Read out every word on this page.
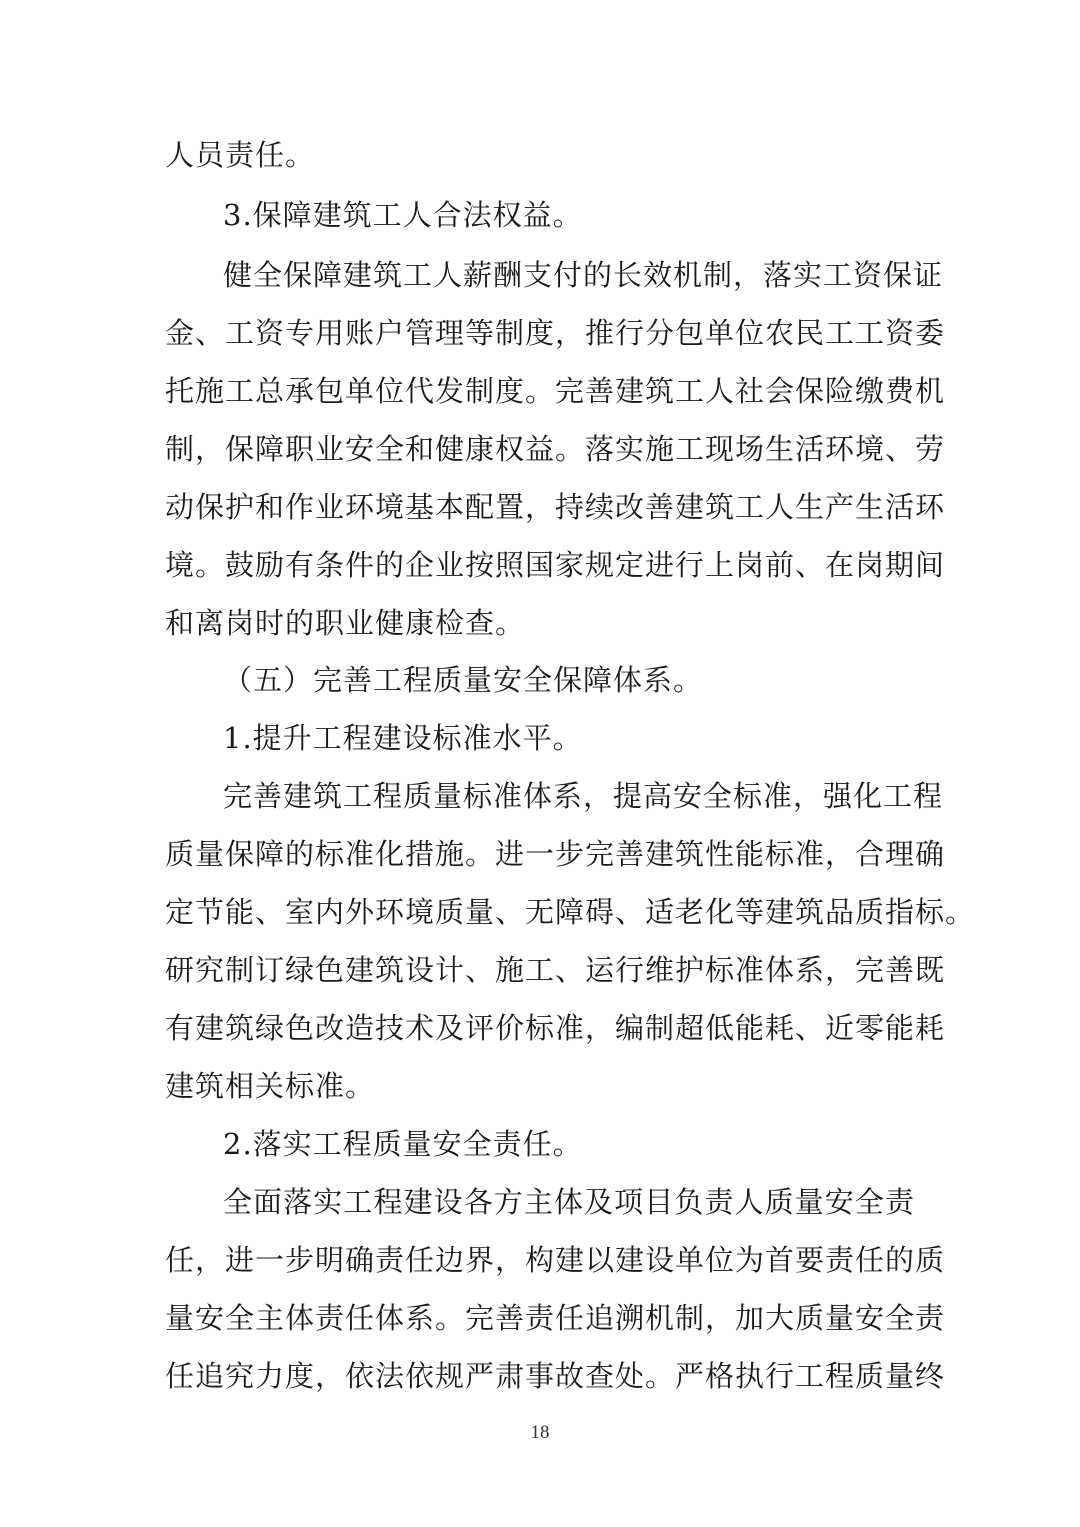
人员责任。
3.保障建筑工人合法权益。
健全保障建筑工人薪酬支付的长效机制，落实工资保证
金、工资专用账户管理等制度，推行分包单位农民工工资委
托施工总承包单位代发制度。完善建筑工人社会保险缴费机
制，保障职业安全和健康权益。落实施工现场生活环境、劳
动保护和作业环境基本配置，持续改善建筑工人生产生活环
境。鼓励有条件的企业按照国家规定进行上岗前、在岗期间
和离岗时的职业健康检查。
（五）完善工程质量安全保障体系。
1.提升工程建设标准水平。
完善建筑工程质量标准体系，提高安全标准，强化工程
质量保障的标准化措施。进一步完善建筑性能标准，合理确
定节能、室内外环境质量、无障碍、适老化等建筑品质指标。
研究制订绿色建筑设计、施工、运行维护标准体系，完善既
有建筑绿色改造技术及评价标准，编制超低能耗、近零能耗
建筑相关标准。
2.落实工程质量安全责任。
全面落实工程建设各方主体及项目负责人质量安全责
任，进一步明确责任边界，构建以建设单位为首要责任的质
量安全主体责任体系。完善责任追溯机制，加大质量安全责
任追究力度，依法依规严肃事故查处。严格执行工程质量终
18
